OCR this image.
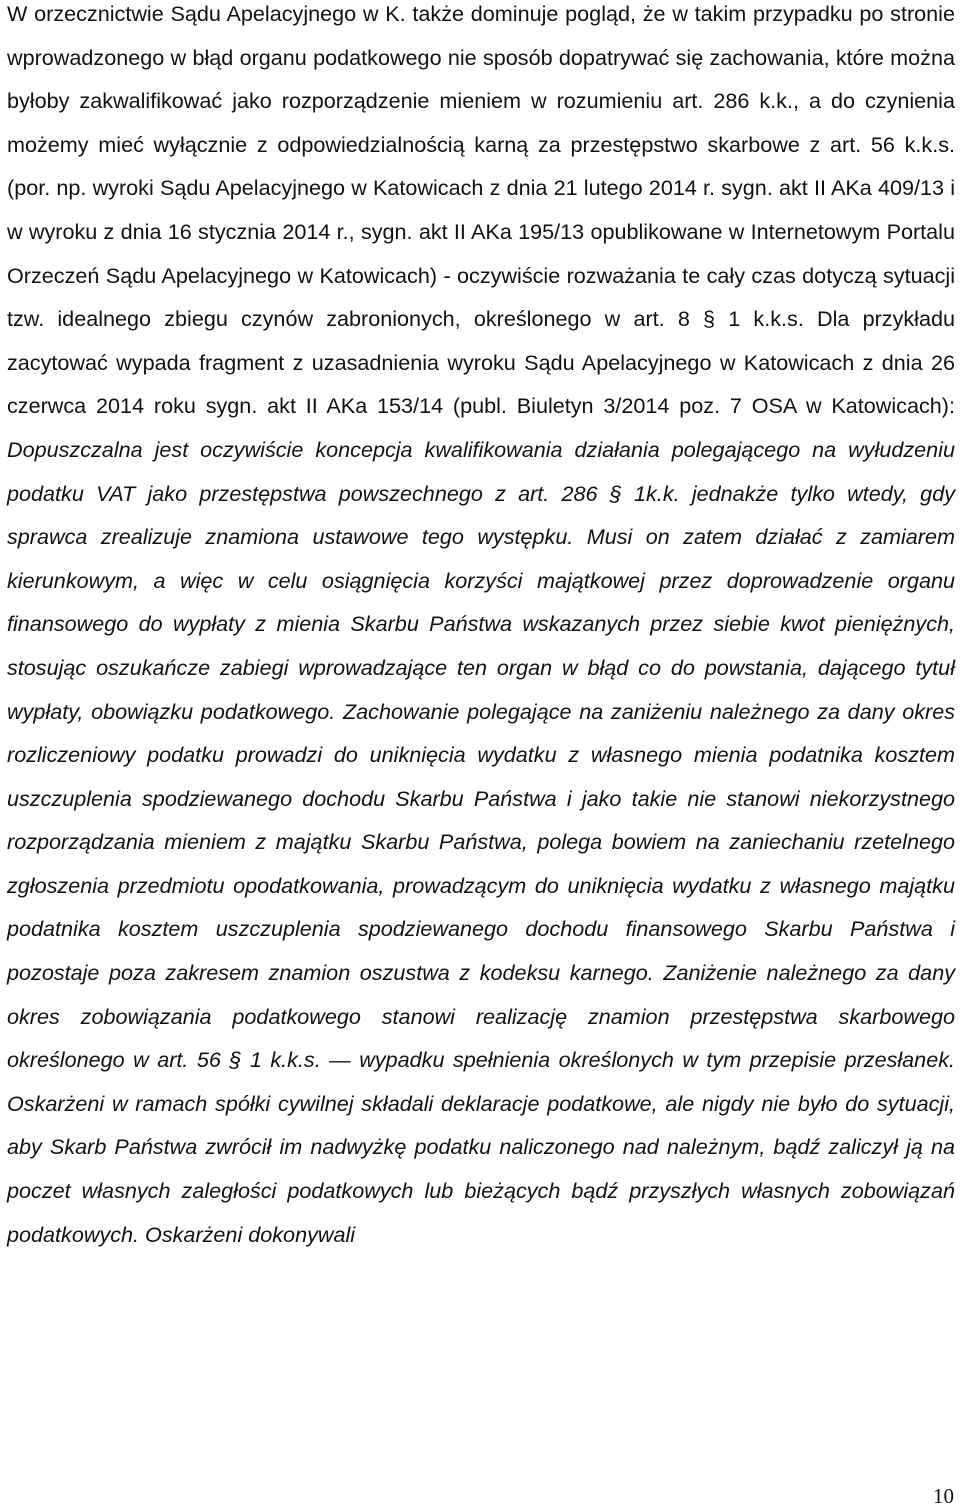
W orzecznictwie Sądu Apelacyjnego w K. także dominuje pogląd, że w takim przypadku po stronie wprowadzonego w błąd organu podatkowego nie sposób dopatrywać się zachowania, które można byłoby zakwalifikować jako rozporządzenie mieniem w rozumieniu art. 286 k.k., a do czynienia możemy mieć wyłącznie z odpowiedzialnością karną za przestępstwo skarbowe z art. 56 k.k.s. (por. np. wyroki Sądu Apelacyjnego w Katowicach z dnia 21 lutego 2014 r. sygn. akt II AKa 409/13 i w wyroku z dnia 16 stycznia 2014 r., sygn. akt II AKa 195/13 opublikowane w Internetowym Portalu Orzeczeń Sądu Apelacyjnego w Katowicach) - oczywiście rozważania te cały czas dotyczą sytuacji tzw. idealnego zbiegu czynów zabronionych, określonego w art. 8 § 1 k.k.s. Dla przykładu zacytować wypada fragment z uzasadnienia wyroku Sądu Apelacyjnego w Katowicach z dnia 26 czerwca 2014 roku sygn. akt II AKa 153/14 (publ. Biuletyn 3/2014 poz. 7 OSA w Katowicach): Dopuszczalna jest oczywiście koncepcja kwalifikowania działania polegającego na wyłudzeniu podatku VAT jako przestępstwa powszechnego z art. 286 § 1k.k. jednakże tylko wtedy, gdy sprawca zrealizuje znamiona ustawowe tego występku. Musi on zatem działać z zamiarem kierunkowym, a więc w celu osiągnięcia korzyści majątkowej przez doprowadzenie organu finansowego do wypłaty z mienia Skarbu Państwa wskazanych przez siebie kwot pieniężnych, stosując oszukańcze zabiegi wprowadzające ten organ w błąd co do powstania, dającego tytuł wypłaty, obowiązku podatkowego. Zachowanie polegające na zaniżeniu należnego za dany okres rozliczeniowy podatku prowadzi do uniknięcia wydatku z własnego mienia podatnika kosztem uszczuplenia spodziewanego dochodu Skarbu Państwa i jako takie nie stanowi niekorzystnego rozporządzania mieniem z majątku Skarbu Państwa, polega bowiem na zaniechaniu rzetelnego zgłoszenia przedmiotu opodatkowania, prowadzącym do uniknięcia wydatku z własnego majątku podatnika kosztem uszczuplenia spodziewanego dochodu finansowego Skarbu Państwa i pozostaje poza zakresem znamion oszustwa z kodeksu karnego. Zaniżenie należnego za dany okres zobowiązania podatkowego stanowi realizację znamion przestępstwa skarbowego określonego w art. 56 § 1 k.k.s. — wypadku spełnienia określonych w tym przepisie przesłanek. Oskarżeni w ramach spółki cywilnej składali deklaracje podatkowe, ale nigdy nie było do sytuacji, aby Skarb Państwa zwrócił im nadwyżkę podatku naliczonego nad należnym, bądź zaliczył ją na poczet własnych zaległości podatkowych lub bieżących bądź przyszłych własnych zobowiązań podatkowych. Oskarżeni dokonywali

10
